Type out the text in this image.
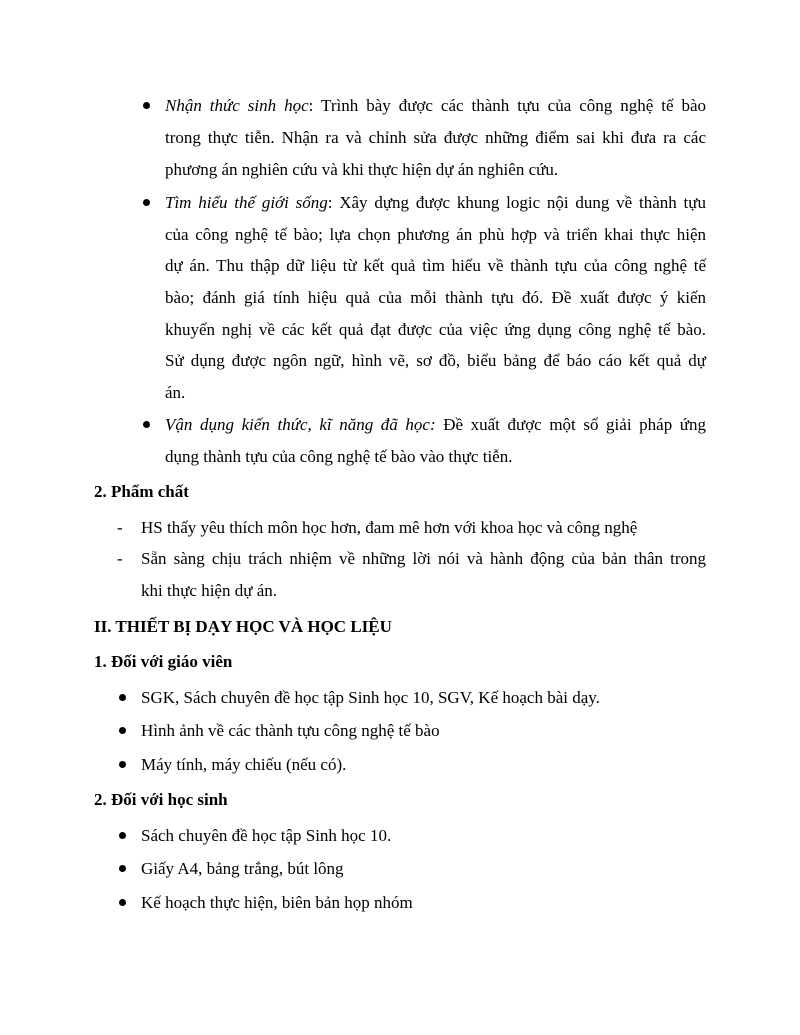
Nhận thức sinh học: Trình bày được các thành tựu của công nghệ tế bào
trong thực tiễn. Nhận ra và chỉnh sửa được những điểm sai khi đưa ra các
phương án nghiên cứu và khi thực hiện dự án nghiên cứu.
Tìm hiểu thế giới sống: Xây dựng được khung logic nội dung về thành tựu
của công nghệ tế bào; lựa chọn phương án phù hợp và triển khai thực hiện
dự án. Thu thập dữ liệu từ kết quả tìm hiểu về thành tựu của công nghệ tế
bào; đánh giá tính hiệu quả của mỗi thành tựu đó. Đề xuất được ý kiến
khuyến nghị về các kết quả đạt được của việc ứng dụng công nghệ tế bào.
Sử dụng được ngôn ngữ, hình vẽ, sơ đồ, biểu bảng để báo cáo kết quả dự
án.
Vận dụng kiến thức, kĩ năng đã học: Đề xuất được một số giải pháp ứng
dụng thành tựu của công nghệ tế bào vào thực tiễn.
2. Phẩm chất
- HS thấy yêu thích môn học hơn, đam mê hơn với khoa học và công nghệ
- Sẵn sàng chịu trách nhiệm về những lời nói và hành động của bản thân trong
khi thực hiện dự án.
II. THIẾT BỊ DẠY HỌC VÀ HỌC LIỆU
1. Đối với giáo viên
SGK, Sách chuyên đề học tập Sinh học 10, SGV, Kế hoạch bài dạy.
Hình ảnh về các thành tựu công nghệ tế bào
Máy tính, máy chiếu (nếu có).
2. Đối với học sinh
Sách chuyên đề học tập Sinh học 10.
Giấy A4, bảng trắng, bút lông
Kế hoạch thực hiện, biên bản họp nhóm
